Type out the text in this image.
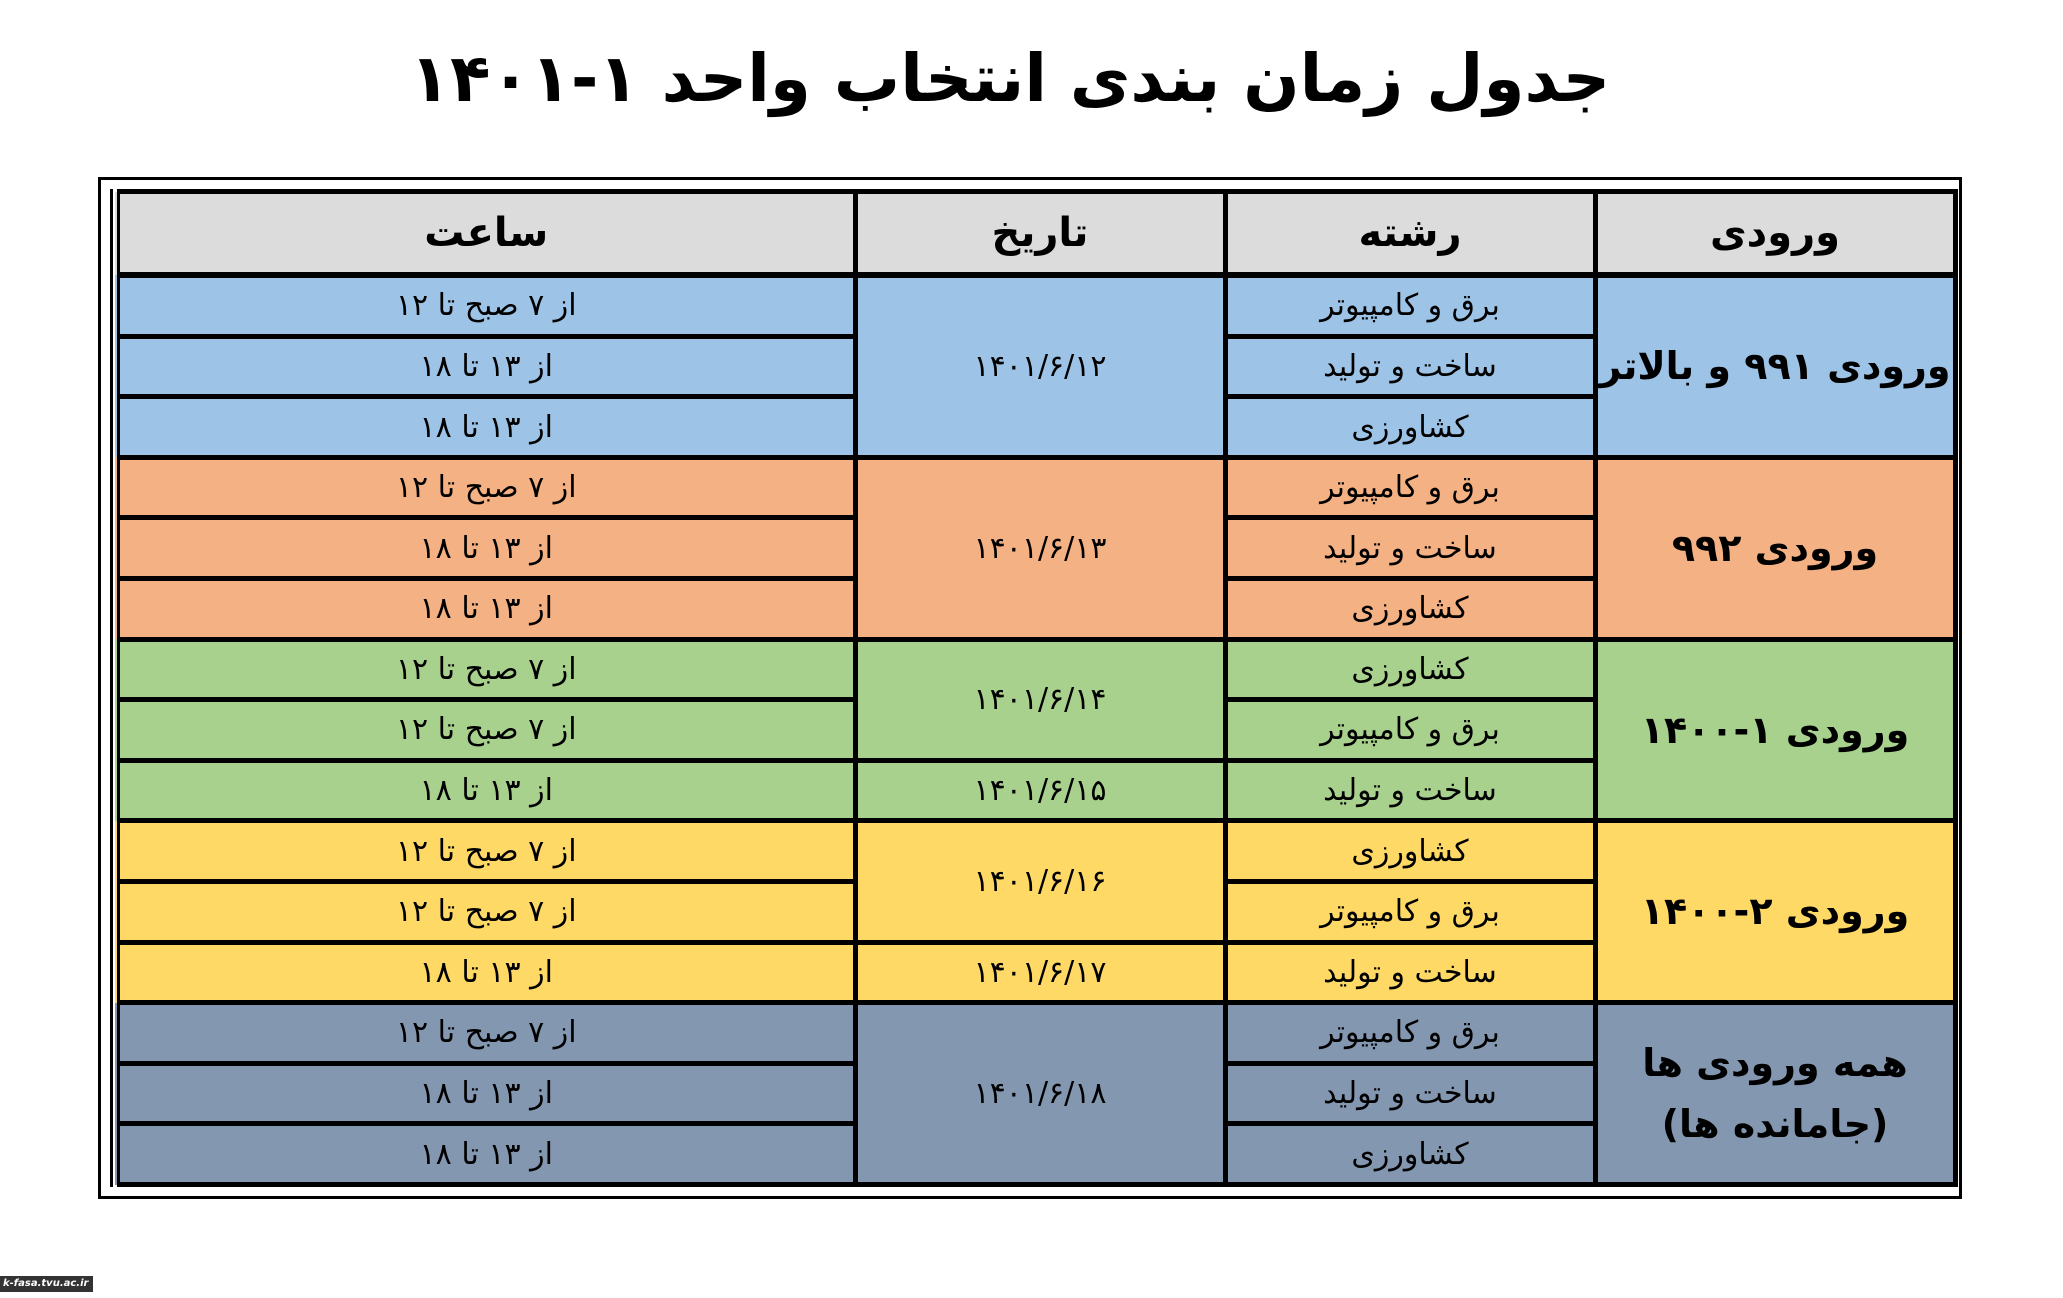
جدول زمان بندی انتخاب واحد ۱-۱۴۰۱
ورودی	رشته	تاریخ	ساعت
ورودی ۹۹۱ و بالاتر	برق و کامپیوتر	۱۴۰۱/۶/۱۲	از ۷ صبح تا ۱۲
	ساخت و تولید		از ۱۳ تا ۱۸
	کشاورزی		از ۱۳ تا ۱۸
ورودی ۹۹۲	برق و کامپیوتر	۱۴۰۱/۶/۱۳	از ۷ صبح تا ۱۲
	ساخت و تولید		از ۱۳ تا ۱۸
	کشاورزی		از ۱۳ تا ۱۸
ورودی ۱-۱۴۰۰	کشاورزی	۱۴۰۱/۶/۱۴	از ۷ صبح تا ۱۲
	برق و کامپیوتر		از ۷ صبح تا ۱۲
	ساخت و تولید	۱۴۰۱/۶/۱۵	از ۱۳ تا ۱۸
ورودی ۲-۱۴۰۰	کشاورزی	۱۴۰۱/۶/۱۶	از ۷ صبح تا ۱۲
	برق و کامپیوتر		از ۷ صبح تا ۱۲
	ساخت و تولید	۱۴۰۱/۶/۱۷	از ۱۳ تا ۱۸
همه ورودی ها (جامانده ها)	برق و کامپیوتر	۱۴۰۱/۶/۱۸	از ۷ صبح تا ۱۲
	ساخت و تولید		از ۱۳ تا ۱۸
	کشاورزی		از ۱۳ تا ۱۸
k-fasa.tvu.ac.ir
